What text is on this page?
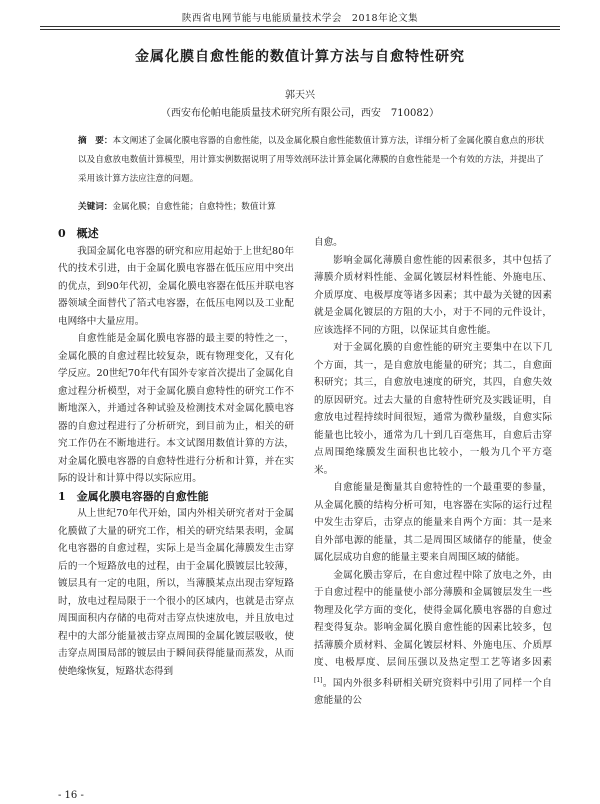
陕西省电网节能与电能质量技术学会　2018年论文集
金属化膜自愈性能的数值计算方法与自愈特性研究
郭天兴
（西安布伦帕电能质量技术研究所有限公司，西安　710082）
摘　要：本文阐述了金属化膜电容器的自愈性能，以及金属化膜自愈性能数值计算方法，详细分析了金属化膜自愈点的形状以及自愈放电数值计算模型，用计算实例数据说明了用等效剖环法计算金属化薄膜的自愈性能是一个有效的方法，并提出了采用该计算方法应注意的问题。
关键词：金属化膜；自愈性能；自愈特性；数值计算

0　概述

我国金属化电容器的研究和应用起始于上世纪80年代的技术引进，由于金属化膜电容器在低压应用中突出的优点，到90年代初，金属化膜电容器在低压并联电容器领域全面替代了箔式电容器，在低压电网以及工业配电网络中大量应用。

自愈性能是金属化膜电容器的最主要的特性之一，金属化膜的自愈过程比较复杂，既有物理变化，又有化学反应。20世纪70年代有国外专家首次提出了金属化自愈过程分析模型，对于金属化膜自愈特性的研究工作不断地深入，并通过各种试验及检测技术对金属化膜电容器的自愈过程进行了分析研究，到目前为止，相关的研究工作仍在不断地进行。本文试图用数值计算的方法，对金属化膜电容器的自愈特性进行分析和计算，并在实际的设计和计算中得以实际应用。

1　金属化膜电容器的自愈性能

从上世纪70年代开始，国内外相关研究者对于金属化膜做了大量的研究工作，相关的研究结果表明，金属化电容器的自愈过程，实际上是当金属化薄膜发生击穿后的一个短路放电的过程，由于金属化膜镀层比较薄，镀层具有一定的电阻，所以，当薄膜某点出现击穿短路时，放电过程局限于一个很小的区域内，也就是击穿点周围面积内存储的电荷对击穿点快速放电，并且放电过程中的大部分能量被击穿点周围的金属化镀层吸收，使击穿点周围局部的镀层由于瞬间获得能量而蒸发，从而使绝缘恢复，短路状态得到

自愈。

影响金属化薄膜自愈性能的因素很多，其中包括了薄膜介质材料性能、金属化镀层材料性能、外施电压、介质厚度、电极厚度等诸多因素；其中最为关键的因素就是金属化镀层的方阻的大小，对于不同的元件设计，应该选择不同的方阻，以保证其自愈性能。

对于金属化膜的自愈性能的研究主要集中在以下几个方面，其一，是自愈放电能量的研究；其二，自愈面积研究；其三，自愈放电速度的研究，其四，自愈失效的原因研究。过去大量的自愈特性研究及实践证明，自愈放电过程持续时间很短，通常为微秒量级，自愈实际能量也比较小，通常为几十到几百毫焦耳，自愈后击穿点周围绝缘膜发生面积也比较小，一般为几个平方毫米。

自愈能量是衡量其自愈特性的一个最重要的参量，从金属化膜的结构分析可知，电容器在实际的运行过程中发生击穿后，击穿点的能量来自两个方面：其一是来自外部电源的能量，其二是周围区域储存的能量，使金属化层成功自愈的能量主要来自周围区域的储能。

金属化膜击穿后，在自愈过程中除了放电之外，由于自愈过程中的能量使小部分薄膜和金属镀层发生一些物理及化学方面的变化，使得金属化膜电容器的自愈过程变得复杂。影响金属化膜自愈性能的因素比较多，包括薄膜介质材料、金属化镀层材料、外施电压、介质厚度、电极厚度、层间压强以及热定型工艺等诸多因素[1]。国内外很多科研相关研究资料中引用了同样一个自愈能量的公

- 16 -
